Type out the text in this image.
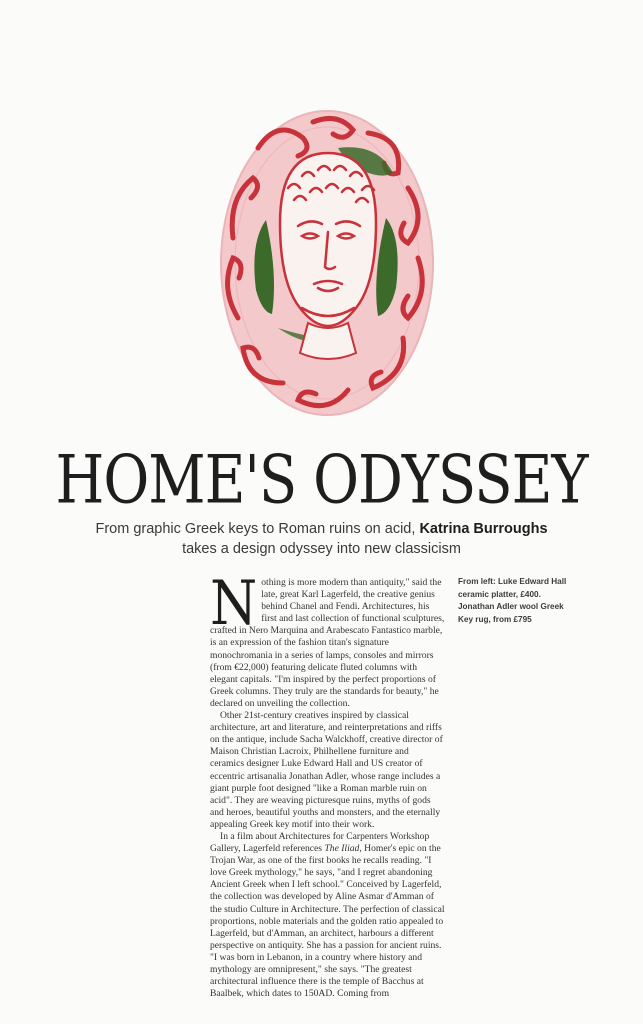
HOME'S ODYSSEY
From graphic Greek keys to Roman ruins on acid, Katrina Burroughs
takes a design odyssey into new classicism
From left: Luke Edward Hall ceramic platter, £400. Jonathan Adler wool Greek Key rug, from £795

Nothing is more modern than antiquity," said the late, great Karl Lagerfeld, the creative genius behind Chanel and Fendi. Architectures, his first and last collection of functional sculptures, crafted in Nero Marquina and Arabescato Fantastico marble, is an expression of the fashion titan's signature monochromania in a series of lamps, consoles and mirrors (from €22,000) featuring delicate fluted columns with elegant capitals. "I'm inspired by the perfect proportions of Greek columns. They truly are the standards for beauty," he declared on unveiling the collection.

Other 21st-century creatives inspired by classical architecture, art and literature, and reinterpretations and riffs on the antique, include Sacha Walckhoff, creative director of Maison Christian Lacroix, Philhellene furniture and ceramics designer Luke Edward Hall and US creator of eccentric artisanalia Jonathan Adler, whose range includes a giant purple foot designed "like a Roman marble ruin on acid". They are weaving picturesque ruins, myths of gods and heroes, beautiful youths and monsters, and the eternally appealing Greek key motif into their work.

In a film about Architectures for Carpenters Workshop Gallery, Lagerfeld references The Iliad, Homer's epic on the Trojan War, as one of the first books he recalls reading. "I love Greek mythology," he says, "and I regret abandoning Ancient Greek when I left school." Conceived by Lagerfeld, the collection was developed by Aline Asmar d'Amman of the studio Culture in Architecture. The perfection of classical proportions, noble materials and the golden ratio appealed to Lagerfeld, but d'Amman, an architect, harbours a different perspective on antiquity. She has a passion for ancient ruins. "I was born in Lebanon, in a country where history and mythology are omnipresent," she says. "The greatest architectural influence there is the temple of Bacchus at Baalbek, which dates to 150AD. Coming from
